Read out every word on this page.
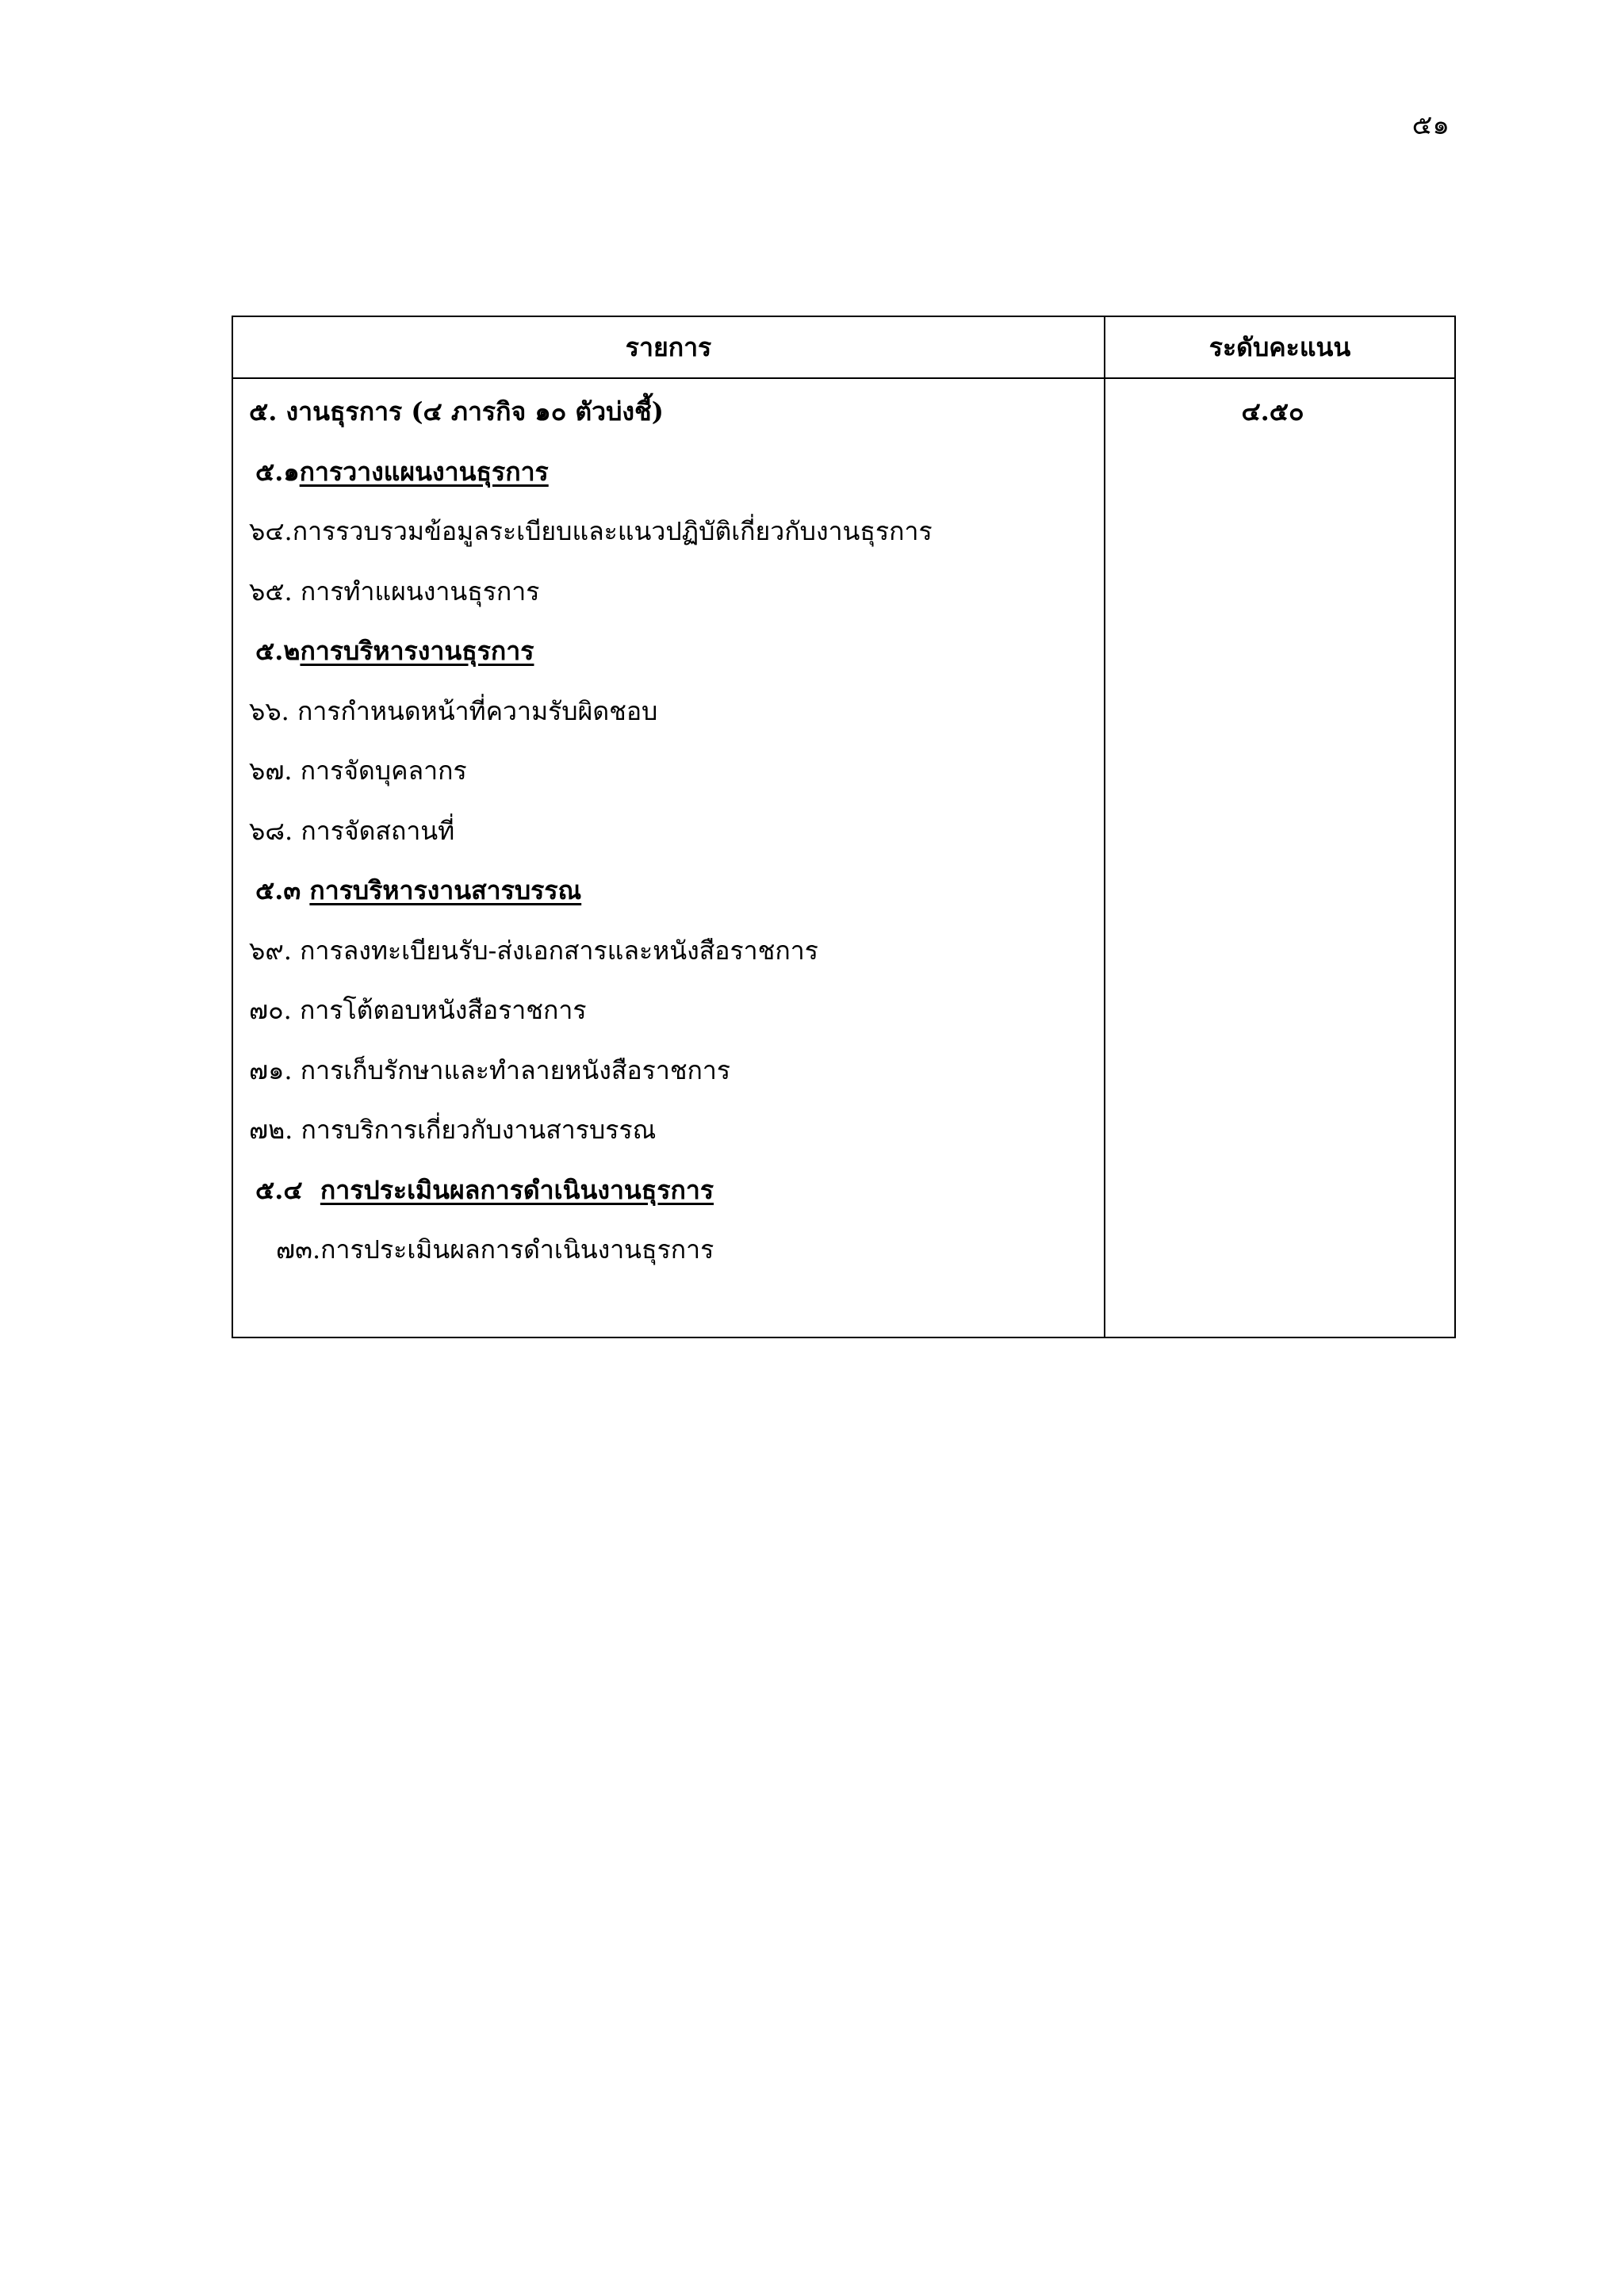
๕๑
รายการ	ระดับคะแนน
๕. งานธุรการ (๔ ภารกิจ ๑๐ ตัวบ่งชี้)
๕.๑การวางแผนงานธุรการ
๖๔.การรวบรวมข้อมูลระเบียบและแนวปฏิบัติเกี่ยวกับงานธุรการ
๖๕. การทำแผนงานธุรการ
๕.๒การบริหารงานธุรการ
๖๖. การกำหนดหน้าที่ความรับผิดชอบ
๖๗. การจัดบุคลากร
๖๘. การจัดสถานที่
๕.๓ การบริหารงานสารบรรณ
๖๙. การลงทะเบียนรับ-ส่งเอกสารและหนังสือราชการ
๗๐. การโต้ตอบหนังสือราชการ
๗๑. การเก็บรักษาและทำลายหนังสือราชการ
๗๒. การบริการเกี่ยวกับงานสารบรรณ
๕.๔  การประเมินผลการดำเนินงานธุรการ
๗๓.การประเมินผลการดำเนินงานธุรการ
๔.๕๐
